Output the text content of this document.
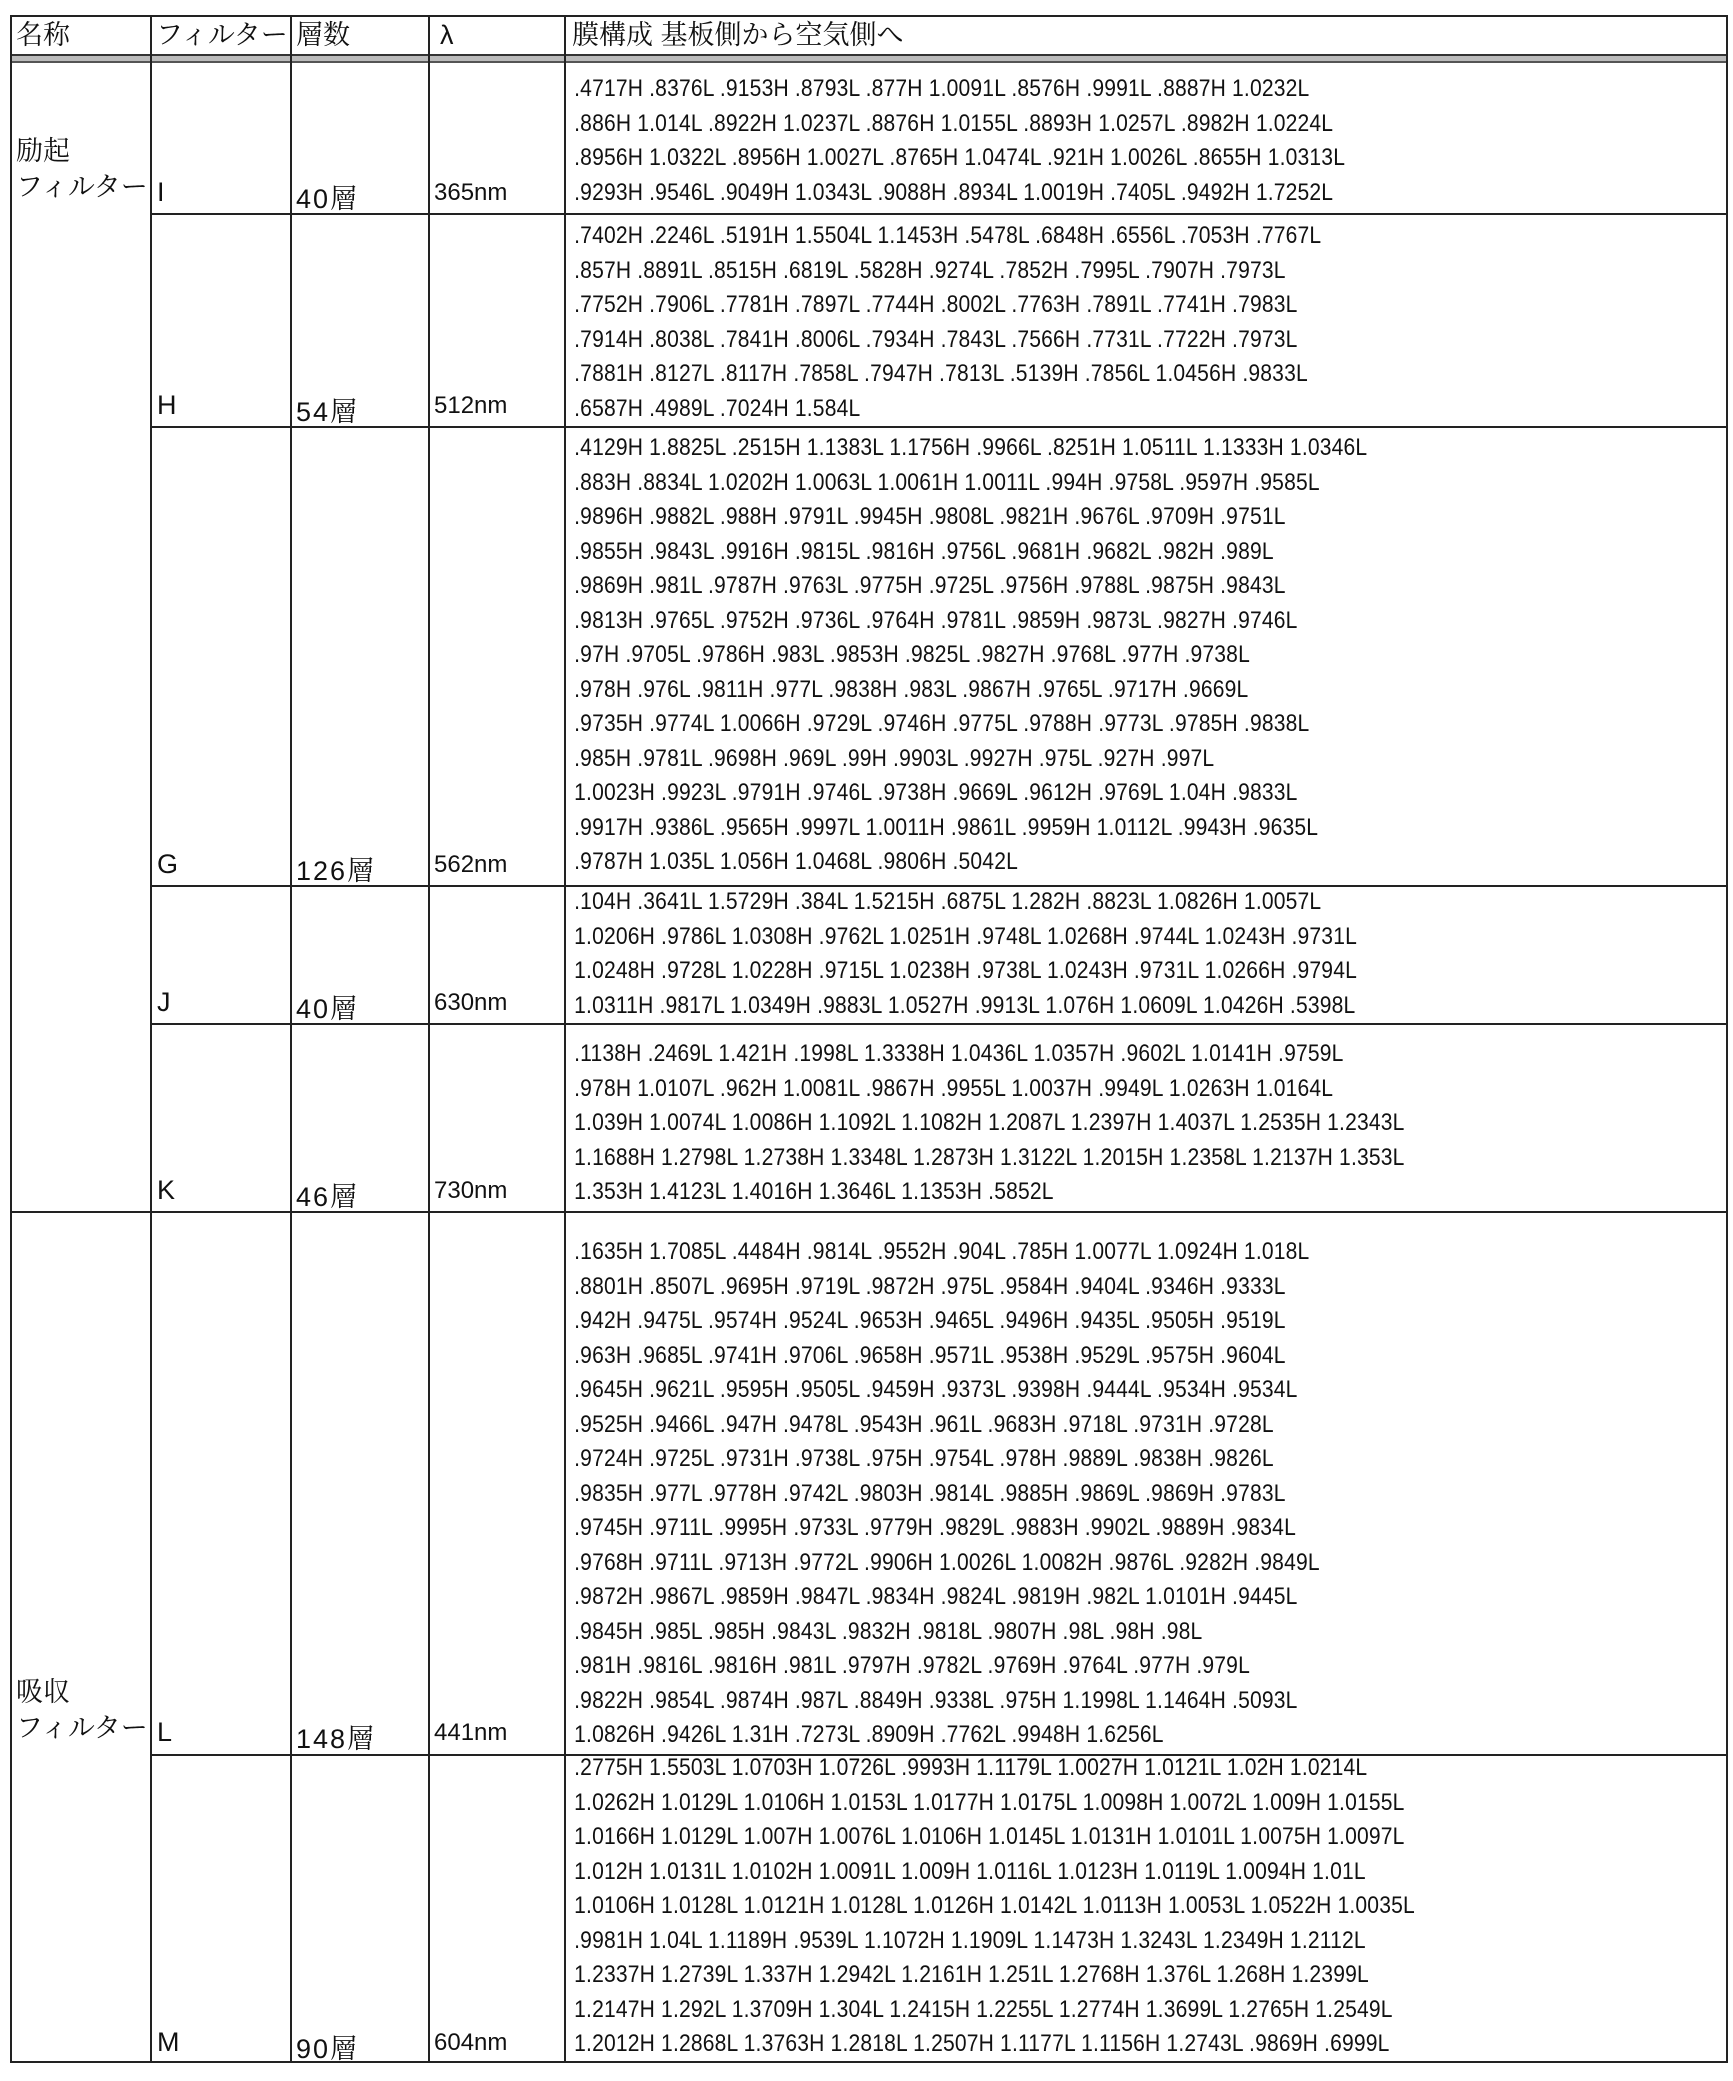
名称	フィルター 層数	λ	膜構成 基板側から空気側へ
励起
フィルター
吸収
フィルター
I	40層	365nm
.4717H .8376L .9153H .8793L .877H 1.0091L .8576H .9991L .8887H 1.0232L
.886H 1.014L .8922H 1.0237L .8876H 1.0155L .8893H 1.0257L .8982H 1.0224L
.8956H 1.0322L .8956H 1.0027L .8765H 1.0474L .921H 1.0026L .8655H 1.0313L
.9293H .9546L .9049H 1.0343L .9088H .8934L 1.0019H .7405L .9492H 1.7252L
H	54層	512nm
.7402H .2246L .5191H 1.5504L 1.1453H .5478L .6848H .6556L .7053H .7767L
.857H .8891L .8515H .6819L .5828H .9274L .7852H .7995L .7907H .7973L
.7752H .7906L .7781H .7897L .7744H .8002L .7763H .7891L .7741H .7983L
.7914H .8038L .7841H .8006L .7934H .7843L .7566H .7731L .7722H .7973L
.7881H .8127L .8117H .7858L .7947H .7813L .5139H .7856L 1.0456H .9833L
.6587H .4989L .7024H 1.584L
G	126層 562nm
.4129H 1.8825L .2515H 1.1383L 1.1756H .9966L .8251H 1.0511L 1.1333H 1.0346L
.883H .8834L 1.0202H 1.0063L 1.0061H 1.0011L .994H .9758L .9597H .9585L
.9896H .9882L .988H .9791L .9945H .9808L .9821H .9676L .9709H .9751L
.9855H .9843L .9916H .9815L .9816H .9756L .9681H .9682L .982H .989L
.9869H .981L .9787H .9763L .9775H .9725L .9756H .9788L .9875H .9843L
.9813H .9765L .9752H .9736L .9764H .9781L .9859H .9873L .9827H .9746L
.97H .9705L .9786H .983L .9853H .9825L .9827H .9768L .977H .9738L
.978H .976L .9811H .977L .9838H .983L .9867H .9765L .9717H .9669L
.9735H .9774L 1.0066H .9729L .9746H .9775L .9788H .9773L .9785H .9838L
.985H .9781L .9698H .969L .99H .9903L .9927H .975L .927H .997L
1.0023H .9923L .9791H .9746L .9738H .9669L .9612H .9769L 1.04H .9833L
.9917H .9386L .9565H .9997L 1.0011H .9861L .9959H 1.0112L .9943H .9635L
.9787H 1.035L 1.056H 1.0468L .9806H .5042L
J	40層	630nm
.104H .3641L 1.5729H .384L 1.5215H .6875L 1.282H .8823L 1.0826H 1.0057L
1.0206H .9786L 1.0308H .9762L 1.0251H .9748L 1.0268H .9744L 1.0243H .9731L
1.0248H .9728L 1.0228H .9715L 1.0238H .9738L 1.0243H .9731L 1.0266H .9794L
1.0311H .9817L 1.0349H .9883L 1.0527H .9913L 1.076H 1.0609L 1.0426H .5398L
K	46層	730nm
.1138H .2469L 1.421H .1998L 1.3338H 1.0436L 1.0357H .9602L 1.0141H .9759L
.978H 1.0107L .962H 1.0081L .9867H .9955L 1.0037H .9949L 1.0263H 1.0164L
1.039H 1.0074L 1.0086H 1.1092L 1.1082H 1.2087L 1.2397H 1.4037L 1.2535H 1.2343L
1.1688H 1.2798L 1.2738H 1.3348L 1.2873H 1.3122L 1.2015H 1.2358L 1.2137H 1.353L
1.353H 1.4123L 1.4016H 1.3646L 1.1353H .5852L
L	148層 441nm
.1635H 1.7085L .4484H .9814L .9552H .904L .785H 1.0077L 1.0924H 1.018L
.8801H .8507L .9695H .9719L .9872H .975L .9584H .9404L .9346H .9333L
.942H .9475L .9574H .9524L .9653H .9465L .9496H .9435L .9505H .9519L
.963H .9685L .9741H .9706L .9658H .9571L .9538H .9529L .9575H .9604L
.9645H .9621L .9595H .9505L .9459H .9373L .9398H .9444L .9534H .9534L
.9525H .9466L .947H .9478L .9543H .961L .9683H .9718L .9731H .9728L
.9724H .9725L .9731H .9738L .975H .9754L .978H .9889L .9838H .9826L
.9835H .977L .9778H .9742L .9803H .9814L .9885H .9869L .9869H .9783L
.9745H .9711L .9995H .9733L .9779H .9829L .9883H .9902L .9889H .9834L
.9768H .9711L .9713H .9772L .9906H 1.0026L 1.0082H .9876L .9282H .9849L
.9872H .9867L .9859H .9847L .9834H .9824L .9819H .982L 1.0101H .9445L
.9845H .985L .985H .9843L .9832H .9818L .9807H .98L .98H .98L
.981H .9816L .9816H .981L .9797H .9782L .9769H .9764L .977H .979L
.9822H .9854L .9874H .987L .8849H .9338L .975H 1.1998L 1.1464H .5093L
1.0826H .9426L 1.31H .7273L .8909H .7762L .9948H 1.6256L
M	90層	604nm
.2775H 1.5503L 1.0703H 1.0726L .9993H 1.1179L 1.0027H 1.0121L 1.02H 1.0214L
1.0262H 1.0129L 1.0106H 1.0153L 1.0177H 1.0175L 1.0098H 1.0072L 1.009H 1.0155L
1.0166H 1.0129L 1.007H 1.0076L 1.0106H 1.0145L 1.0131H 1.0101L 1.0075H 1.0097L
1.012H 1.0131L 1.0102H 1.0091L 1.009H 1.0116L 1.0123H 1.0119L 1.0094H 1.01L
1.0106H 1.0128L 1.0121H 1.0128L 1.0126H 1.0142L 1.0113H 1.0053L 1.0522H 1.0035L
.9981H 1.04L 1.1189H .9539L 1.1072H 1.1909L 1.1473H 1.3243L 1.2349H 1.2112L
1.2337H 1.2739L 1.337H 1.2942L 1.2161H 1.251L 1.2768H 1.376L 1.268H 1.2399L
1.2147H 1.292L 1.3709H 1.304L 1.2415H 1.2255L 1.2774H 1.3699L 1.2765H 1.2549L
1.2012H 1.2868L 1.3763H 1.2818L 1.2507H 1.1177L 1.1156H 1.2743L .9869H .6999L
